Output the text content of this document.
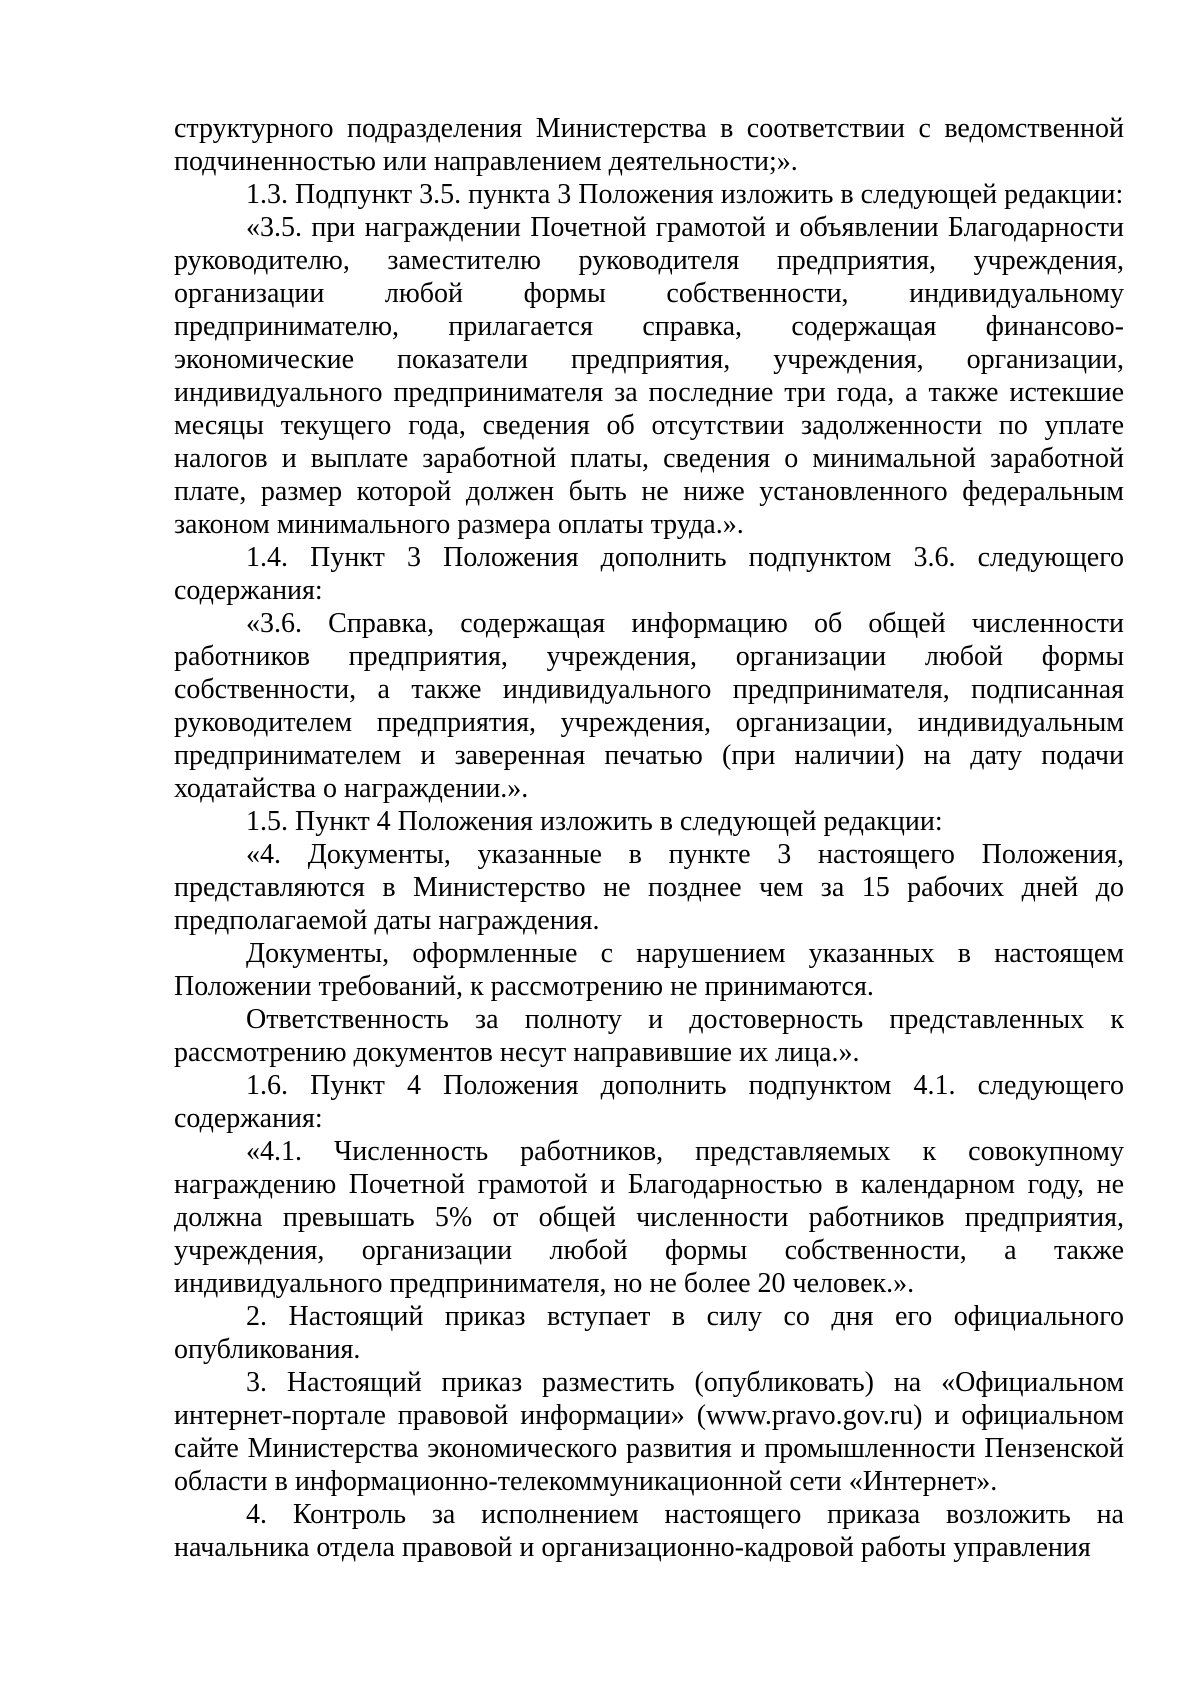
структурного подразделения Министерства в соответствии с ведомственной подчиненностью или направлением деятельности;».

1.3. Подпункт 3.5. пункта 3 Положения изложить в следующей редакции:

«3.5. при награждении Почетной грамотой и объявлении Благодарности руководителю, заместителю руководителя предприятия, учреждения, организации любой формы собственности, индивидуальному предпринимателю, прилагается справка, содержащая финансово-экономические показатели предприятия, учреждения, организации, индивидуального предпринимателя за последние три года, а также истекшие месяцы текущего года, сведения об отсутствии задолженности по уплате налогов и выплате заработной платы, сведения о минимальной заработной плате, размер которой должен быть не ниже установленного федеральным законом минимального размера оплаты труда.».

1.4. Пункт 3 Положения дополнить подпунктом 3.6. следующего содержания:

«3.6. Справка, содержащая информацию об общей численности работников предприятия, учреждения, организации любой формы собственности, а также индивидуального предпринимателя, подписанная руководителем предприятия, учреждения, организации, индивидуальным предпринимателем и заверенная печатью (при наличии) на дату подачи ходатайства о награждении.».

1.5. Пункт 4 Положения изложить в следующей редакции:

«4. Документы, указанные в пункте 3 настоящего Положения, представляются в Министерство не позднее чем за 15 рабочих дней до предполагаемой даты награждения.

Документы, оформленные с нарушением указанных в настоящем Положении требований, к рассмотрению не принимаются.

Ответственность за полноту и достоверность представленных к рассмотрению документов несут направившие их лица.».

1.6. Пункт 4 Положения дополнить подпунктом 4.1. следующего содержания:

«4.1. Численность работников, представляемых к совокупному награждению Почетной грамотой и Благодарностью в календарном году, не должна превышать 5% от общей численности работников предприятия, учреждения, организации любой формы собственности, а также индивидуального предпринимателя, но не более 20 человек.».

2. Настоящий приказ вступает в силу со дня его официального опубликования.

3. Настоящий приказ разместить (опубликовать) на «Официальном интернет-портале правовой информации» (www.pravo.gov.ru) и официальном сайте Министерства экономического развития и промышленности Пензенской области в информационно-телекоммуникационной сети «Интернет».

4. Контроль за исполнением настоящего приказа возложить на начальника отдела правовой и организационно-кадровой работы управления
